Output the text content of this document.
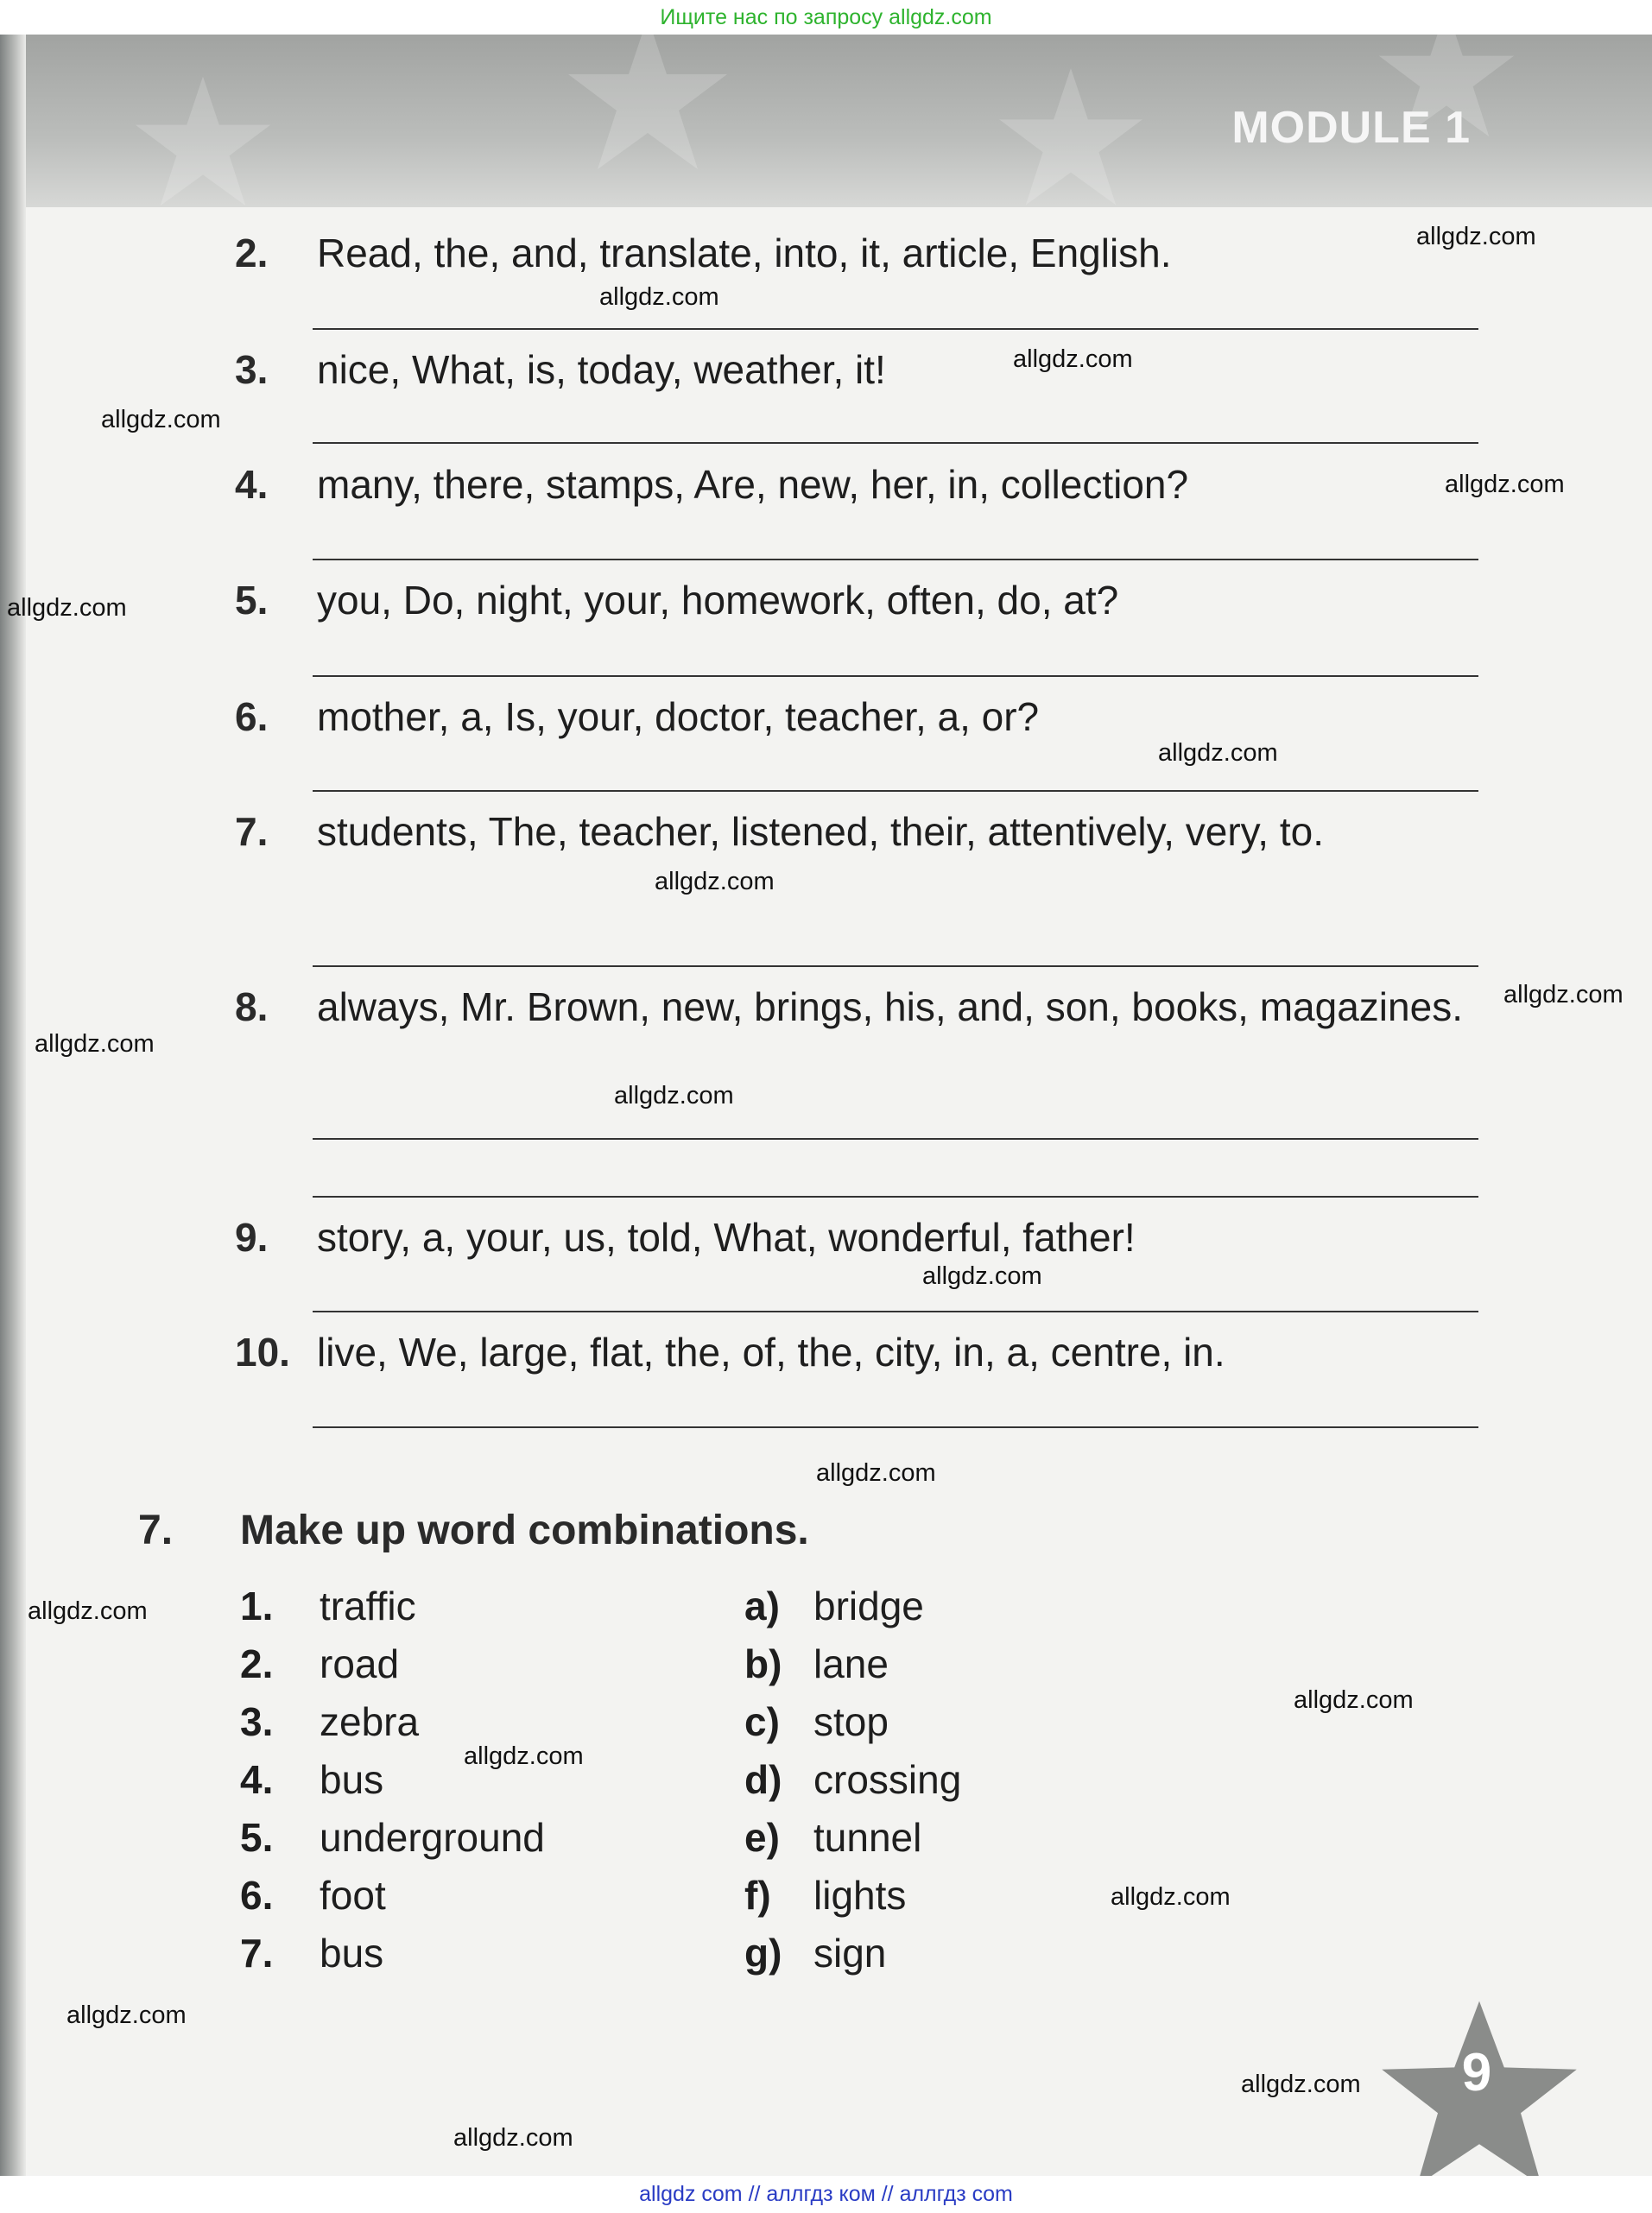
Ищите нас по запросу allgdz.com
MODULE 1
2. Read, the, and, translate, into, it, article, English.
3. nice, What, is, today, weather, it!
4. many, there, stamps, Are, new, her, in, collection?
5. you, Do, night, your, homework, often, do, at?
6. mother, a, Is, your, doctor, teacher, a, or?
7. students, The, teacher, listened, their, attentively, very, to.
8. always, Mr. Brown, new, brings, his, and, son, books, magazines.
9. story, a, your, us, told, What, wonderful, father!
10. live, We, large, flat, the, of, the, city, in, a, centre, in.
7. Make up word combinations.
1. traffic
2. road
3. zebra
4. bus
5. underground
6. foot
7. bus
a) bridge
b) lane
c) stop
d) crossing
e) tunnel
f) lights
g) sign
9
allgdz.com
allgdz.com
allgdz.com
allgdz.com
allgdz.com
allgdz.com
allgdz.com
allgdz.com
allgdz.com
allgdz.com
allgdz.com
allgdz.com
allgdz.com
allgdz.com
allgdz.com
allgdz.com
allgdz.com
allgdz.com
allgdz.com
allgdz.com
allgdz com // аллгдз ком // аллгдз com
